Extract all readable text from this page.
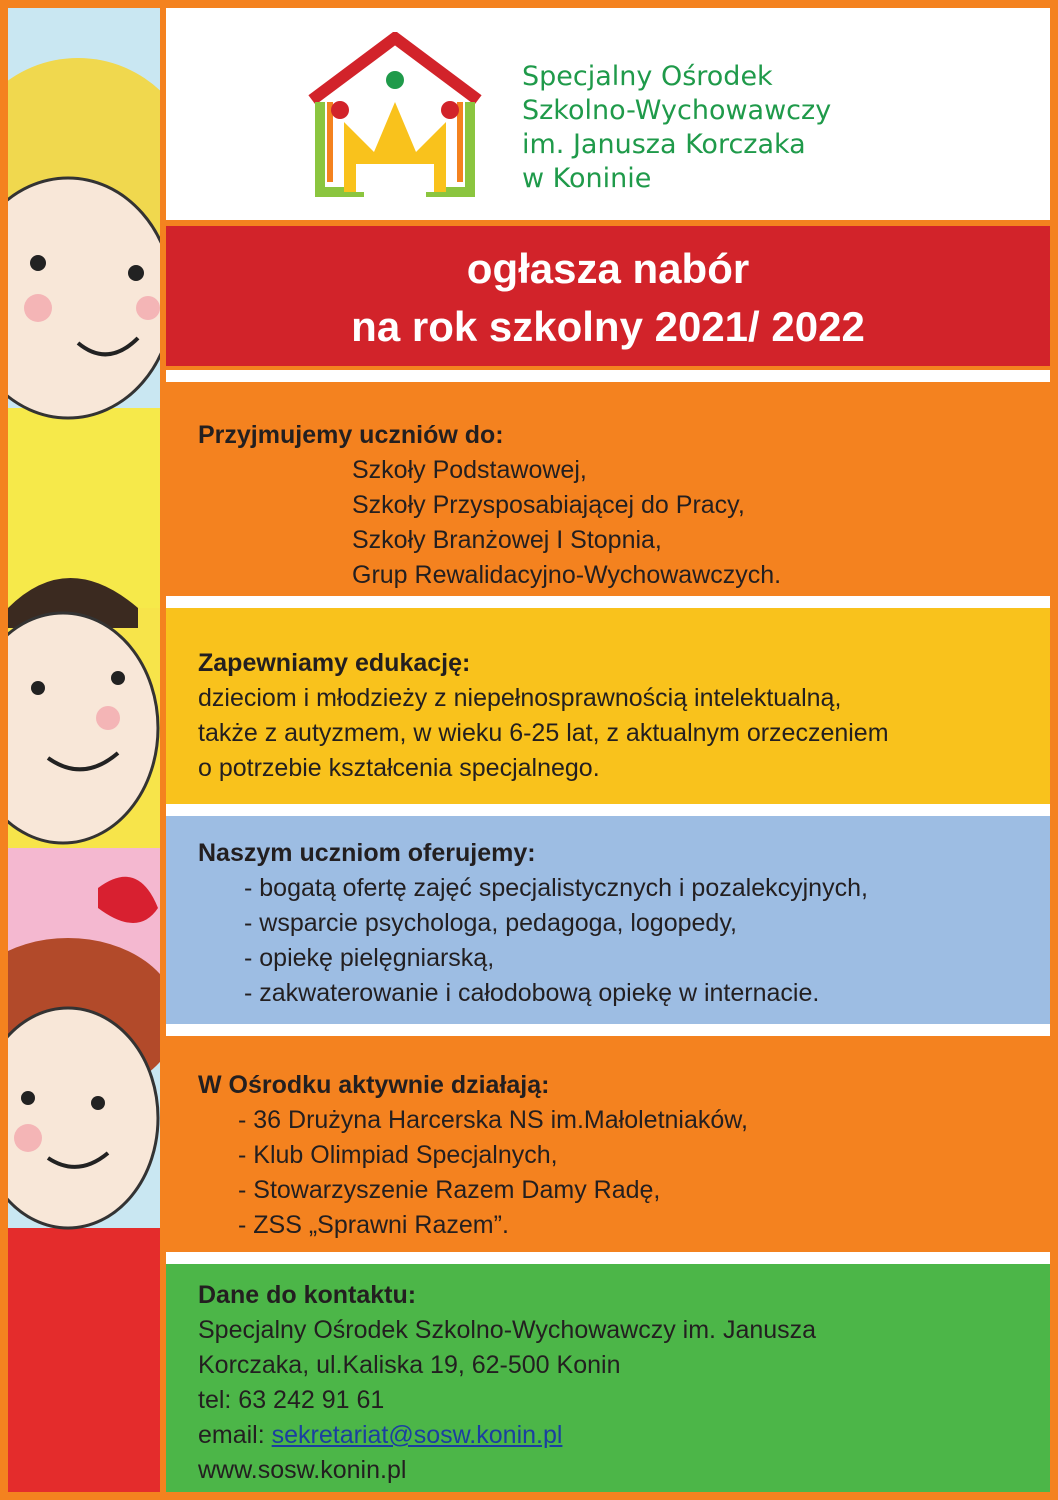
Specjalny Ośrodek
Szkolno-Wychowawczy
im. Janusza Korczaka
w Koninie
ogłasza nabór
na rok szkolny 2021/ 2022
Przyjmujemy uczniów do:
Szkoły Podstawowej,
Szkoły Przysposabiającej do Pracy,
Szkoły Branżowej I Stopnia,
Grup Rewalidacyjno-Wychowawczych.
Zapewniamy edukację:
dzieciom i młodzieży z niepełnosprawnością intelektualną,
także z autyzmem, w wieku 6-25 lat, z aktualnym orzeczeniem
o potrzebie kształcenia specjalnego.
Naszym uczniom oferujemy:
- bogatą ofertę zajęć specjalistycznych i pozalekcyjnych,
- wsparcie psychologa, pedagoga, logopedy,
- opiekę pielęgniarską,
- zakwaterowanie i całodobową opiekę w internacie.
W Ośrodku aktywnie działają:
- 36 Drużyna Harcerska NS im.Małoletniaków,
- Klub Olimpiad Specjalnych,
- Stowarzyszenie Razem Damy Radę,
- ZSS „Sprawni Razem”.
Dane do kontaktu:
Specjalny Ośrodek Szkolno-Wychowawczy im. Janusza
Korczaka, ul.Kaliska 19, 62-500 Konin
tel: 63 242 91 61
email: sekretariat@sosw.konin.pl
www.sosw.konin.pl
